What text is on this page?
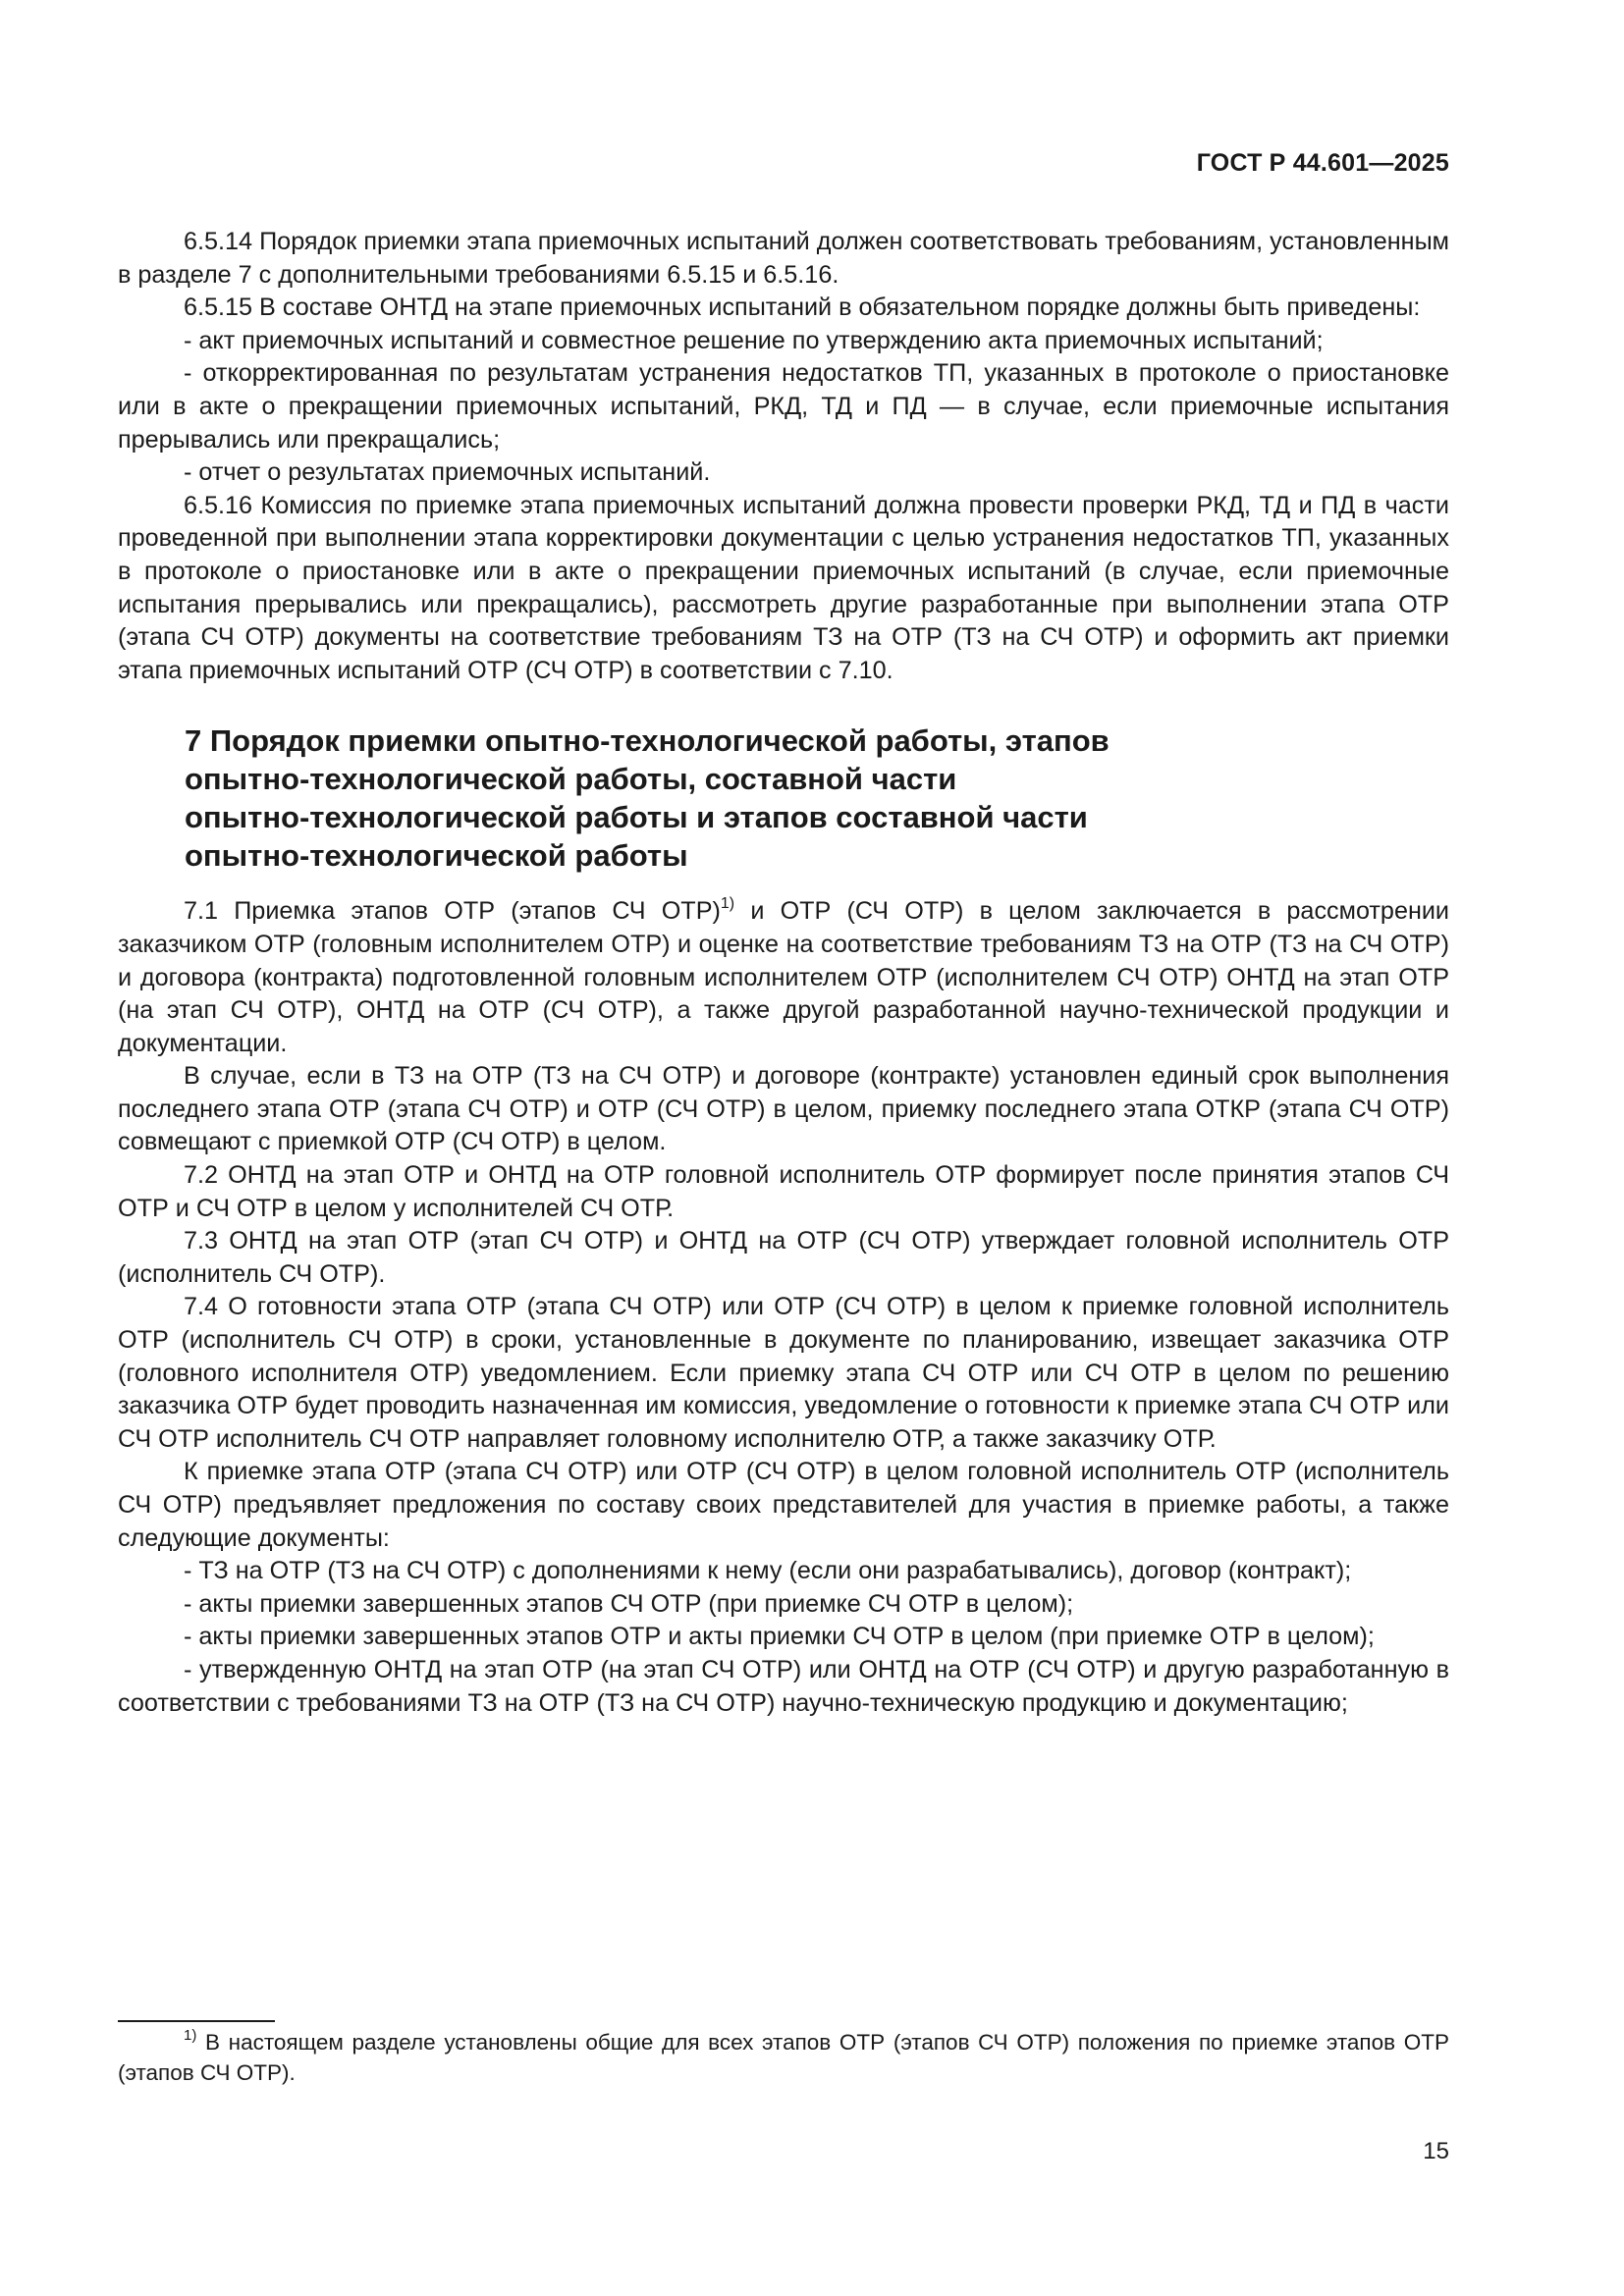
ГОСТ Р 44.601—2025

6.5.14 Порядок приемки этапа приемочных испытаний должен соответствовать требованиям, установленным в разделе 7 с дополнительными требованиями 6.5.15 и 6.5.16.

6.5.15 В составе ОНТД на этапе приемочных испытаний в обязательном порядке должны быть приведены:

- акт приемочных испытаний и совместное решение по утверждению акта приемочных испытаний;

- откорректированная по результатам устранения недостатков ТП, указанных в протоколе о приостановке или в акте о прекращении приемочных испытаний, РКД, ТД и ПД — в случае, если приемочные испытания прерывались или прекращались;

- отчет о результатах приемочных испытаний.

6.5.16 Комиссия по приемке этапа приемочных испытаний должна провести проверки РКД, ТД и ПД в части проведенной при выполнении этапа корректировки документации с целью устранения недостатков ТП, указанных в протоколе о приостановке или в акте о прекращении приемочных испытаний (в случае, если приемочные испытания прерывались или прекращались), рассмотреть другие разработанные при выполнении этапа ОТР (этапа СЧ ОТР) документы на соответствие требованиям ТЗ на ОТР (ТЗ на СЧ ОТР) и оформить акт приемки этапа приемочных испытаний ОТР (СЧ ОТР) в соответствии с 7.10.

7 Порядок приемки опытно-технологической работы, этапов
опытно-технологической работы, составной части
опытно-технологической работы и этапов составной части
опытно-технологической работы

7.1 Приемка этапов ОТР (этапов СЧ ОТР)$^{1)}$ и ОТР (СЧ ОТР) в целом заключается в рассмотрении заказчиком ОТР (головным исполнителем ОТР) и оценке на соответствие требованиям ТЗ на ОТР (ТЗ на СЧ ОТР) и договора (контракта) подготовленной головным исполнителем ОТР (исполнителем СЧ ОТР) ОНТД на этап ОТР (на этап СЧ ОТР), ОНТД на ОТР (СЧ ОТР), а также другой разработанной научно-технической продукции и документации.

В случае, если в ТЗ на ОТР (ТЗ на СЧ ОТР) и договоре (контракте) установлен единый срок выполнения последнего этапа ОТР (этапа СЧ ОТР) и ОТР (СЧ ОТР) в целом, приемку последнего этапа ОТКР (этапа СЧ ОТР) совмещают с приемкой ОТР (СЧ ОТР) в целом.

7.2 ОНТД на этап ОТР и ОНТД на ОТР головной исполнитель ОТР формирует после принятия этапов СЧ ОТР и СЧ ОТР в целом у исполнителей СЧ ОТР.

7.3 ОНТД на этап ОТР (этап СЧ ОТР) и ОНТД на ОТР (СЧ ОТР) утверждает головной исполнитель ОТР (исполнитель СЧ ОТР).

7.4 О готовности этапа ОТР (этапа СЧ ОТР) или ОТР (СЧ ОТР) в целом к приемке головной исполнитель ОТР (исполнитель СЧ ОТР) в сроки, установленные в документе по планированию, извещает заказчика ОТР (головного исполнителя ОТР) уведомлением. Если приемку этапа СЧ ОТР или СЧ ОТР в целом по решению заказчика ОТР будет проводить назначенная им комиссия, уведомление о готовности к приемке этапа СЧ ОТР или СЧ ОТР исполнитель СЧ ОТР направляет головному исполнителю ОТР, а также заказчику ОТР.

К приемке этапа ОТР (этапа СЧ ОТР) или ОТР (СЧ ОТР) в целом головной исполнитель ОТР (исполнитель СЧ ОТР) предъявляет предложения по составу своих представителей для участия в приемке работы, а также следующие документы:

- ТЗ на ОТР (ТЗ на СЧ ОТР) с дополнениями к нему (если они разрабатывались), договор (контракт);

- акты приемки завершенных этапов СЧ ОТР (при приемке СЧ ОТР в целом);

- акты приемки завершенных этапов ОТР и акты приемки СЧ ОТР в целом (при приемке ОТР в целом);

- утвержденную ОНТД на этап ОТР (на этап СЧ ОТР) или ОНТД на ОТР (СЧ ОТР) и другую разработанную в соответствии с требованиями ТЗ на ОТР (ТЗ на СЧ ОТР) научно-техническую продукцию и документацию;

$^{1)}$ В настоящем разделе установлены общие для всех этапов ОТР (этапов СЧ ОТР) положения по приемке этапов ОТР (этапов СЧ ОТР).
15
